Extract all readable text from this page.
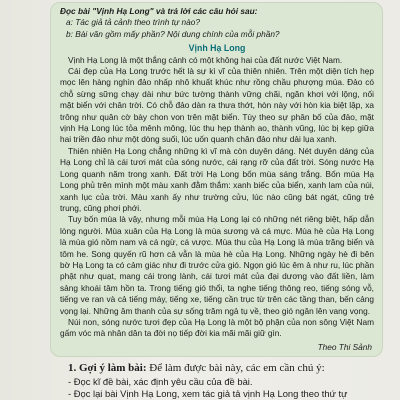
Đọc bài "Vịnh Hạ Long" và trả lời các câu hỏi sau:

a: Tác giả tả cảnh theo trình tự nào?

b: Bài văn gồm mấy phần? Nội dung chính của mỗi phần?

Vịnh Hạ Long

Vịnh Hạ Long là một thắng cảnh có một không hai của đất nước Việt Nam.

Cái đẹp của Hạ Long trước hết là sự kì vĩ của thiên nhiên. Trên một diện tích hẹp mọc lên hàng nghìn đảo nhấp nhô khuất khúc như rồng chầu phượng múa. Đảo có chỗ sừng sững chạy dài như bức tường thành vững chãi, ngăn khơi với lộng, nối mặt biển với chân trời. Có chỗ đảo dàn ra thưa thớt, hòn này với hòn kia biệt lập, xa trông như quân cờ bày chon von trên mặt biển. Tùy theo sự phân bố của đảo, mặt vịnh Hạ Long lúc tỏa mênh mông, lúc thu hẹp thành ao, thành vũng, lúc bị kẹp giữa hai triền đảo như một dòng suối, lúc uốn quanh chân đảo như dải lụa xanh.

Thiên nhiên Hạ Long chẳng những kì vĩ mà còn duyên dáng. Nét duyên dáng của Hạ Long chỉ là cái tươi mát của sóng nước, cái rạng rỡ của đất trời. Sóng nước Hạ Long quanh năm trong xanh. Đất trời Hạ Long bốn mùa sáng trắng. Bốn mùa Hạ Long phủ trên mình một màu xanh đằm thắm: xanh biếc của biển, xanh lam của núi, xanh lục của trời. Màu xanh ấy như trường cửu, lúc nào cũng bát ngát, cũng trẻ trung, cũng phơi phới.

Tuy bốn mùa là vậy, nhưng mỗi mùa Hạ Long lại có những nét riêng biệt, hấp dẫn lòng người. Mùa xuân của Hạ Long là mùa sương và cá mực. Mùa hè của Hạ Long là mùa gió nồm nam và cá ngừ, cá vược. Mùa thu của Hạ Long là mùa trăng biển và tôm he. Song quyến rũ hơn cả vẫn là mùa hè của Hạ Long. Những ngày hè đi bên bờ Hạ Long ta có cảm giác như đi trước cửa gió. Ngọn gió lúc êm ả như ru, lúc phần phật như quạt, mang cái trong lành, cái tươi mát của đại dương vào đất liền, làm sảng khoái tâm hồn ta. Trong tiếng gió thổi, ta nghe tiếng thông reo, tiếng sóng vỗ, tiếng ve ran và cả tiếng máy, tiếng xe, tiếng cần trục từ trên các tầng than, bến cảng vọng lại. Những âm thanh của sự sống trăm ngả tụ về, theo gió ngân lên vang vọng.

Núi non, sóng nước tươi đẹp của Hạ Long là một bộ phận của non sông Việt Nam gấm vóc mà nhân dân ta đời nọ tiếp đời kia mãi mãi giữ gìn.

Theo Thi Sảnh

1. Gợi ý làm bài: Để làm được bài này, các em cần chú ý:

- Đọc kĩ đề bài, xác định yêu cầu của đề bài.

- Đọc lại bài Vịnh Hạ Long, xem tác giả tả vịnh Hạ Long theo thứ tự
